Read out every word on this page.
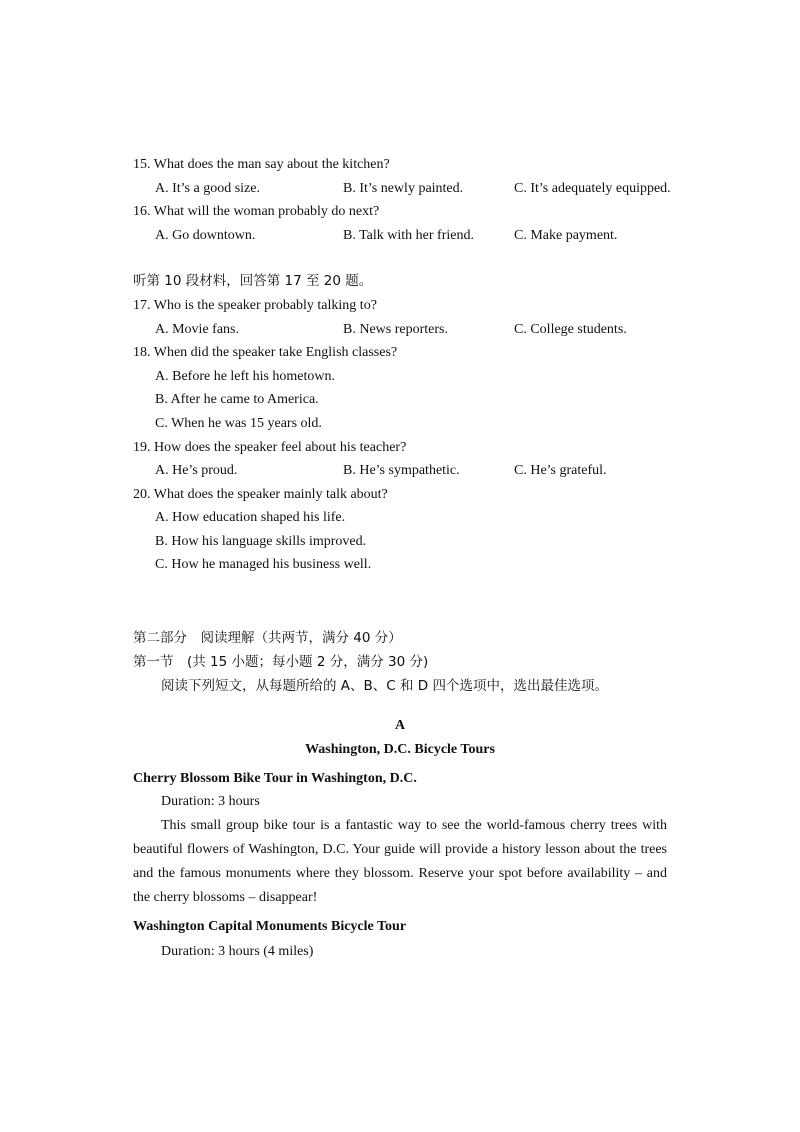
15. What does the man say about the kitchen?
A. It’s a good size.	B. It’s newly painted.	C. It’s adequately equipped.
16. What will the woman probably do next?
A. Go downtown.	B. Talk with her friend.	C. Make payment.
听第 10 段材料，回答第 17 至 20 题。
17. Who is the speaker probably talking to?
A. Movie fans.	B. News reporters.	C. College students.
18. When did the speaker take English classes?
A. Before he left his hometown.
B. After he came to America.
C. When he was 15 years old.
19. How does the speaker feel about his teacher?
A. He’s proud.	B. He’s sympathetic.	C. He’s grateful.
20. What does the speaker mainly talk about?
A. How education shaped his life.
B. How his language skills improved.
C. How he managed his business well.
第二部分　阅读理解（共两节，满分 40 分）
第一节　(共 15 小题；每小题 2 分，满分 30 分)
阅读下列短文，从每题所给的 A、B、C 和 D 四个选项中，选出最佳选项。
A
Washington, D.C. Bicycle Tours
Cherry Blossom Bike Tour in Washington, D.C.
Duration: 3 hours

This small group bike tour is a fantastic way to see the world-famous cherry trees with beautiful flowers of Washington, D.C. Your guide will provide a history lesson about the trees and the famous monuments where they blossom. Reserve your spot before availability – and the cherry blossoms – disappear!

Washington Capital Monuments Bicycle Tour
Duration: 3 hours (4 miles)
